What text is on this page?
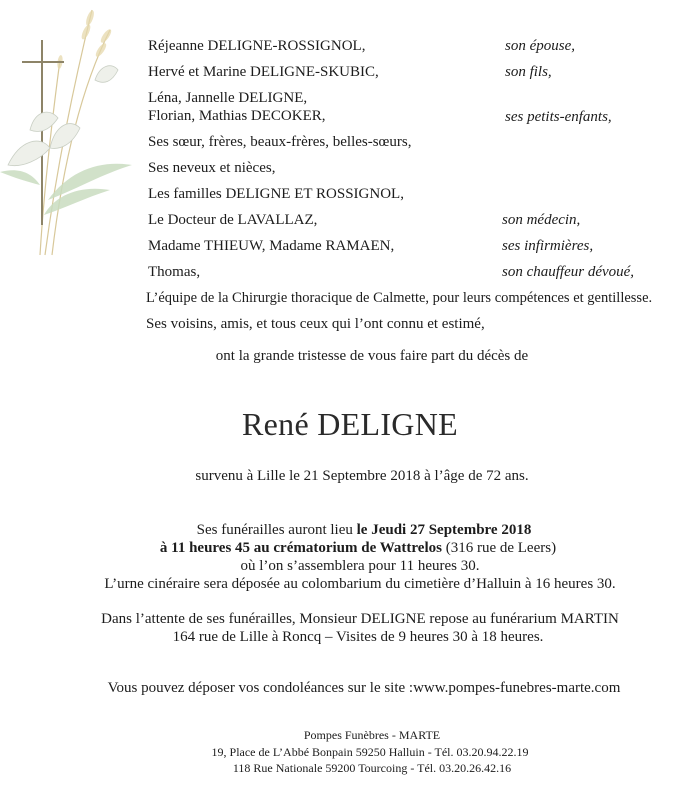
Réjeanne DELIGNE-ROSSIGNOL,	son épouse,
Hervé et Marine DELIGNE-SKUBIC,	son fils,
Léna, Jannelle DELIGNE,
Florian, Mathias DECOKER,	ses petits-enfants,
Ses sœur, frères, beaux-frères, belles-sœurs,
Ses neveux et nièces,
Les familles DELIGNE ET ROSSIGNOL,
Le Docteur de LAVALLAZ,	son médecin,
Madame THIEUW, Madame RAMAEN,	ses infirmières,
Thomas,	son chauffeur dévoué,
L’équipe de la Chirurgie thoracique de Calmette, pour leurs compétences et gentillesse.
Ses voisins, amis, et tous ceux qui l’ont connu et estimé,
ont la grande tristesse de vous faire part du décès de
René DELIGNE
survenu à Lille le 21 Septembre 2018 à l’âge de 72 ans.
Ses funérailles auront lieu le Jeudi 27 Septembre 2018
à 11 heures 45 au crématorium de Wattrelos (316 rue de Leers)
où l’on s’assemblera pour 11 heures 30.
L’urne cinéraire sera déposée au colombarium du cimetière d’Halluin à 16 heures 30.
Dans l’attente de ses funérailles, Monsieur DELIGNE repose au funérarium MARTIN
164 rue de Lille à Roncq – Visites de 9 heures 30 à 18 heures.
Vous pouvez déposer vos condoléances sur le site :www.pompes-funebres-marte.com
Pompes Funèbres - MARTE
19, Place de L’Abbé Bonpain 59250 Halluin - Tél. 03.20.94.22.19
118 Rue Nationale 59200 Tourcoing - Tél. 03.20.26.42.16
